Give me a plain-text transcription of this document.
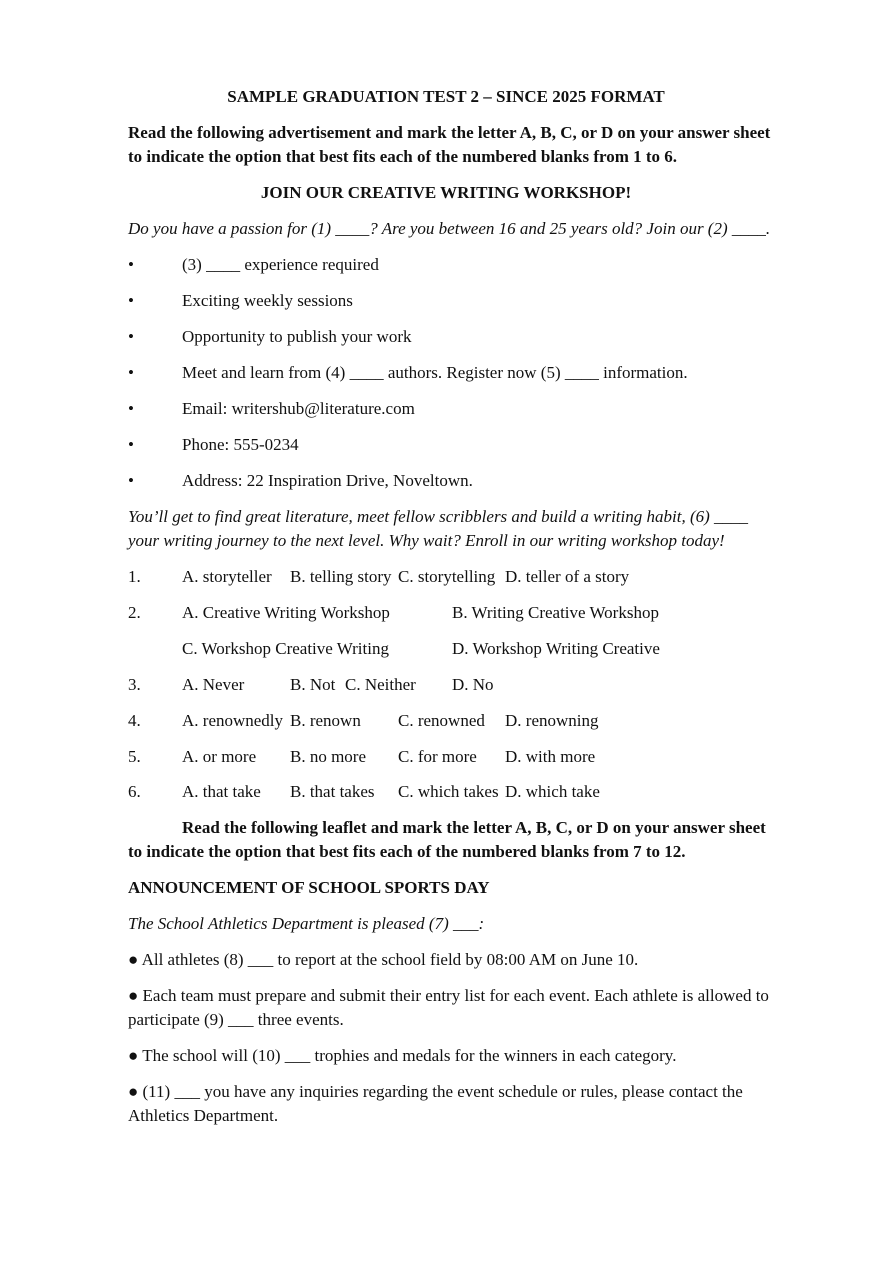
SAMPLE GRADUATION TEST 2 – SINCE 2025 FORMAT
Read the following advertisement and mark the letter A, B, C, or D on your answer sheet
to indicate the option that best fits each of the numbered blanks from 1 to 6.
JOIN OUR CREATIVE WRITING WORKSHOP!
Do you have a passion for (1) ____? Are you between 16 and 25 years old? Join our (2) ____.
•	(3) ____ experience required
•	Exciting weekly sessions
•	Opportunity to publish your work
•	Meet and learn from (4) ____ authors. Register now (5) ____ information.
•	Email: writershub@literature.com
•	Phone: 555-0234
•	Address: 22 Inspiration Drive, Noveltown.
You’ll get to find great literature, meet fellow scribblers and build a writing habit, (6) ____
your writing journey to the next level. Why wait? Enroll in our writing workshop today!
1. A. storyteller B. telling story C. storytelling D. teller of a story
2. A. Creative Writing Workshop	B. Writing Creative Workshop
C. Workshop Creative Writing	D. Workshop Writing Creative
3. A. Never	B. Not C. Neither D. No
4. A. renownedly B. renown C. renowned D. renowning
5. A. or more B. no more C. for more D. with more
6. A. that take B. that takes C. which takes D. which take
Read the following leaflet and mark the letter A, B, C, or D on your answer sheet
to indicate the option that best fits each of the numbered blanks from 7 to 12.
ANNOUNCEMENT OF SCHOOL SPORTS DAY
The School Athletics Department is pleased (7) ___:
● All athletes (8) ___ to report at the school field by 08:00 AM on June 10.
● Each team must prepare and submit their entry list for each event. Each athlete is allowed to
participate (9) ___ three events.
● The school will (10) ___ trophies and medals for the winners in each category.
● (11) ___ you have any inquiries regarding the event schedule or rules, please contact the
Athletics Department.
